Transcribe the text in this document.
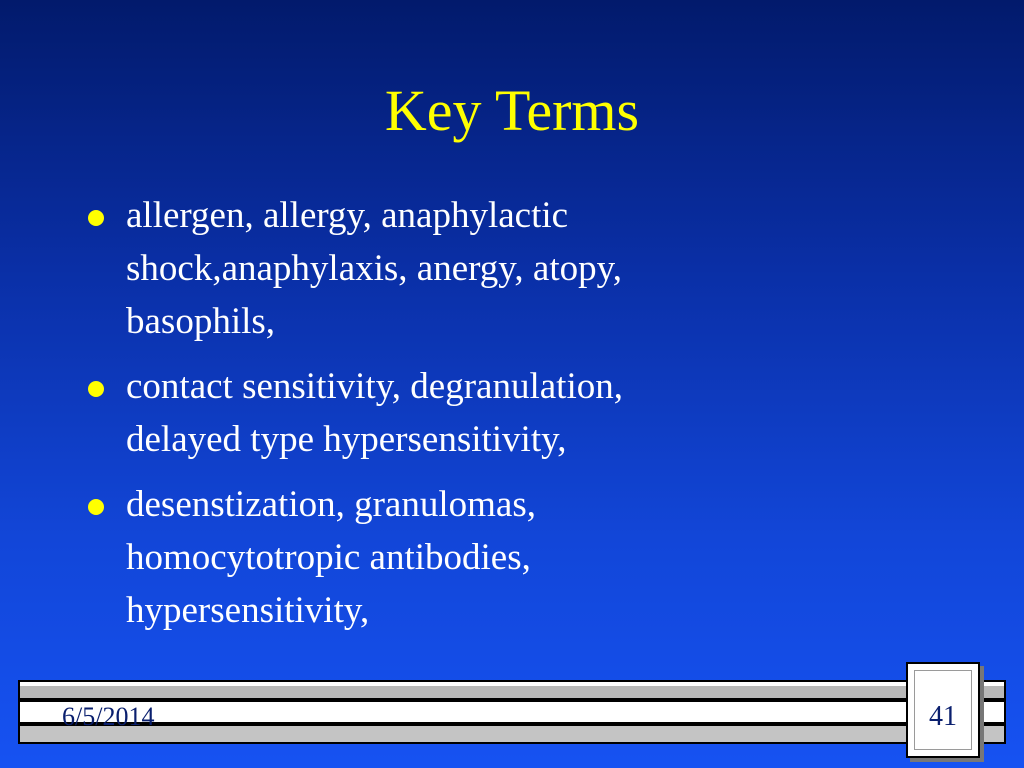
Key Terms
allergen, allergy, anaphylactic
shock,anaphylaxis, anergy, atopy,
basophils,
contact sensitivity, degranulation,
delayed type hypersensitivity,
desenstization, granulomas,
homocytotropic antibodies,
hypersensitivity,
6/5/2014	41
